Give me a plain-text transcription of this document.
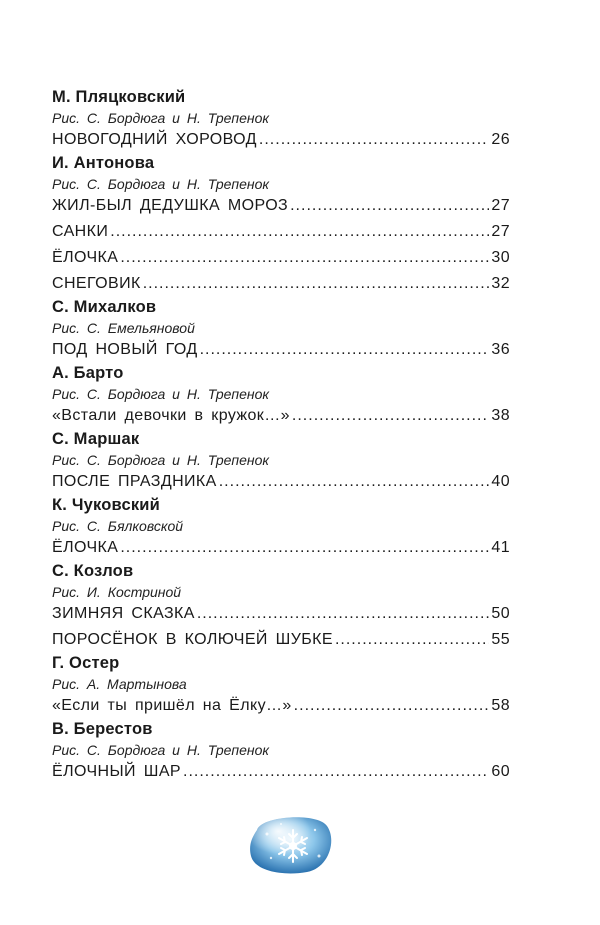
М. Пляцковский
Рис. С. Бордюга и Н. Трепенок
НОВОГОДНИЙ ХОРОВОД .....	26
И. Антонова
Рис. С. Бордюга и Н. Трепенок
ЖИЛ-БЫЛ ДЕДУШКА МОРОЗ .....	27
САНКИ .....	27
ЁЛОЧКА .....	30
СНЕГОВИК .....	32
С. Михалков
Рис. С. Емельяновой
ПОД НОВЫЙ ГОД .....	36
А. Барто
Рис. С. Бордюга и Н. Трепенок
«Встали девочки в кружок…» .....	38
С. Маршак
Рис. С. Бордюга и Н. Трепенок
ПОСЛЕ ПРАЗДНИКА .....	40
К. Чуковский
Рис. С. Бялковской
ЁЛОЧКА .....	41
С. Козлов
Рис. И. Костриной
ЗИМНЯЯ СКАЗКА .....	50
ПОРОСЁНОК В КОЛЮЧЕЙ ШУБКЕ .....	55
Г. Остер
Рис. А. Мартынова
«Если ты пришёл на Ёлку…» .....	58
В. Берестов
Рис. С. Бордюга и Н. Трепенок
ЁЛОЧНЫЙ ШАР .....	60
